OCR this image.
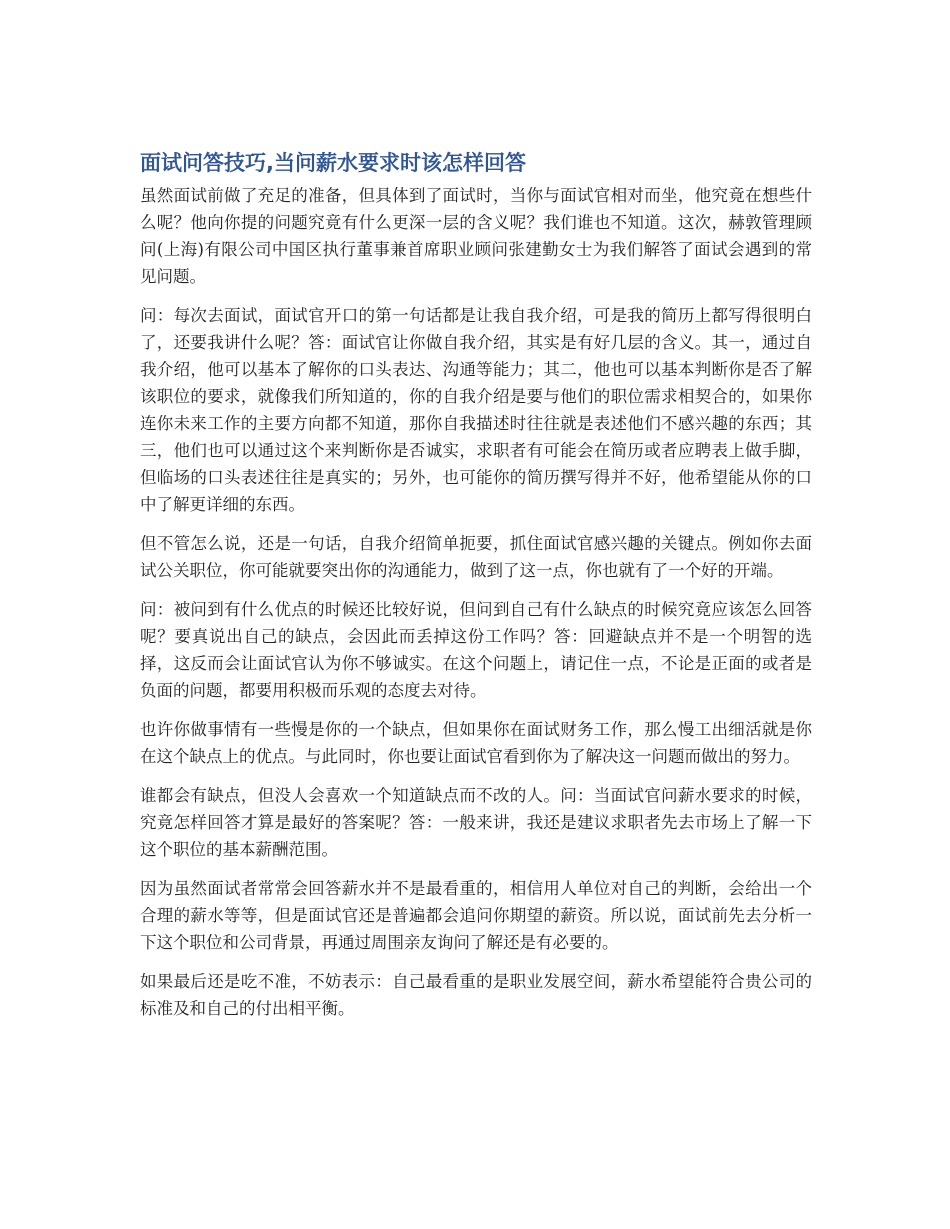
面试问答技巧,当问薪水要求时该怎样回答

虽然面试前做了充足的准备，但具体到了面试时，当你与面试官相对而坐，他究竟在想些什么呢？他向你提的问题究竟有什么更深一层的含义呢？我们谁也不知道。这次，赫敦管理顾问(上海)有限公司中国区执行董事兼首席职业顾问张建勤女士为我们解答了面试会遇到的常见问题。

问：每次去面试，面试官开口的第一句话都是让我自我介绍，可是我的简历上都写得很明白了，还要我讲什么呢？答：面试官让你做自我介绍，其实是有好几层的含义。其一，通过自我介绍，他可以基本了解你的口头表达、沟通等能力；其二，他也可以基本判断你是否了解该职位的要求，就像我们所知道的，你的自我介绍是要与他们的职位需求相契合的，如果你连你未来工作的主要方向都不知道，那你自我描述时往往就是表述他们不感兴趣的东西；其三，他们也可以通过这个来判断你是否诚实，求职者有可能会在简历或者应聘表上做手脚，但临场的口头表述往往是真实的；另外，也可能你的简历撰写得并不好，他希望能从你的口中了解更详细的东西。

但不管怎么说，还是一句话，自我介绍简单扼要，抓住面试官感兴趣的关键点。例如你去面试公关职位，你可能就要突出你的沟通能力，做到了这一点，你也就有了一个好的开端。

问：被问到有什么优点的时候还比较好说，但问到自己有什么缺点的时候究竟应该怎么回答呢？要真说出自己的缺点，会因此而丢掉这份工作吗？答：回避缺点并不是一个明智的选择，这反而会让面试官认为你不够诚实。在这个问题上，请记住一点，不论是正面的或者是负面的问题，都要用积极而乐观的态度去对待。

也许你做事情有一些慢是你的一个缺点，但如果你在面试财务工作，那么慢工出细活就是你在这个缺点上的优点。与此同时，你也要让面试官看到你为了解决这一问题而做出的努力。

谁都会有缺点，但没人会喜欢一个知道缺点而不改的人。问：当面试官问薪水要求的时候，究竟怎样回答才算是最好的答案呢？答：一般来讲，我还是建议求职者先去市场上了解一下这个职位的基本薪酬范围。

因为虽然面试者常常会回答薪水并不是最看重的，相信用人单位对自己的判断，会给出一个合理的薪水等等，但是面试官还是普遍都会追问你期望的薪资。所以说，面试前先去分析一下这个职位和公司背景，再通过周围亲友询问了解还是有必要的。

如果最后还是吃不准，不妨表示：自己最看重的是职业发展空间，薪水希望能符合贵公司的标准及和自己的付出相平衡。
